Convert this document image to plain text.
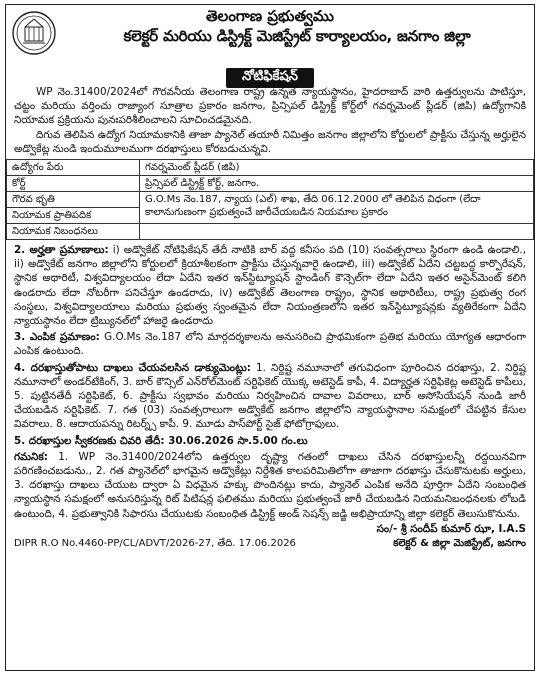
తెలంగాణ ప్రభుత్వము
కలెక్టర్ మరియు డిస్ట్రిక్ట్ మెజిస్ట్రేట్ కార్యాలయం, జనగాం జిల్లా
నోటిఫికేషన్
WP నెం.31400/2024లో గౌరవనీయ తెలంగాణ రాష్ట్ర ఉన్నత న్యాయస్థానం, హైదరాబాద్ వారి ఉత్తర్వులను పాటిస్తూ, చట్టం మరియు వర్తించు రాజ్యాంగ సూత్రాల ప్రకారం జనగాం, ప్రిన్సిపల్ డిస్ట్రిక్ట్ కోర్ట్‌లో గవర్నమెంట్ ప్లీడర్ (జిపి) ఉద్యోగానికి నియామక ప్రక్రియను పునఃపరిశీలించాలని సూచించడమైనది.
దిగువ తెలిపిన ఉద్యోగ నియామకానికి తాజా ప్యానెల్ తయారీ నిమిత్తం జనగాం జిల్లాలోని కోర్టులలో ప్రాక్టీసు చేస్తున్న అర్హులైన అడ్వొకేట్ల నుండి ఇందుమూలముగా దరఖాస్తులు కోరబడుచున్నవి.
ఉద్యోగం పేరు	గవర్నమెంట్ ప్లీడర్ (జిపి)
కోర్ట్	ప్రిన్సిపల్ డిస్ట్రిక్ట్ కోర్ట్, జనగాం.
గౌరవ భృతి	G.O.Ms నెం.187, న్యాయ (ఎల్) శాఖ, తేది 06.12.2000 లో తెలిపిన విధంగా (లేదా కాలానుగుణంగా ప్రభుత్వంచే జారీచేయబడిన నియమాల ప్రకారం
నియామక ప్రాతిపదిక	
నియామక నిబంధనలు	
2. అర్హతా ప్రమాణాలు: i) అడ్వొకేట్ నోటిఫికేషన్ తేదీ నాటికి బార్ వద్ద కనీసం పది (10) సంవత్సరాలు స్థిరంగా ఉండి ఉండాలి., ii) అడ్వొకేట్ జనగాం జిల్లాలోని కోర్టులలో క్రియాశీలకంగా ప్రాక్టీసు చేస్తున్నవారై ఉండాలి, iii) అడ్వొకేట్ ఏదేని చట్టబద్ధ కార్పొరేషన్, స్థానిక అథారిటీ, విశ్వవిద్యాలయం లేదా ఏదేని ఇతర ఇన్‌స్టిట్యూషన్ స్టాండింగ్ కౌన్సెల్‌గా లేదా ఏదేని ఇతర అసైన్‌మెంట్ కలిగి ఉండరాదు లేదా నోటరీగా పనిచేస్తూ ఉండరాదు, iv) అడ్వొకేట్ తెలంగాణ రాష్ట్రం, స్థానిక అథారిటీలు, రాష్ట్ర ప్రభుత్వ రంగ సంస్థలు, విశ్వవిద్యాలయాలు మరియు ప్రభుత్వ స్వంతమైన లేదా నియంత్రణలోని ఇతర ఇన్‌స్టిట్యూషన్లకు వ్యతిరేకంగా ఏదేని న్యాయస్థానం లేదా ట్రిబ్యునల్‌లో హాజరై ఉండరాదు
3. ఎంపిక ప్రమాణం: G.O.Ms నెం.187 లోని మార్గదర్శకాలను అనుసరించి ప్రాథమికంగా ప్రతిభ మరియు యోగ్యత ఆధారంగా ఎంపిక ఉంటుంది.
4. దరఖాస్తుతోపాటు దాఖలు చేయవలసిన డాక్యుమెంట్లు: 1. నిర్దిష్ట నమూనాలో తగువిధంగా పూరించిన దరఖాస్తు, 2. నిర్దిష్ట నమూనాలో అండర్‌టేకింగ్, 3. బార్ కౌన్సిల్ ఎన్‌రోల్‌మెంట్ సర్టిఫికెట్ యొక్క అటెస్టెడ్ కాపీ, 4. విద్యార్హత సర్టిఫికెట్ల అటెస్టెడ్ కాపీలు, 5. పుట్టినతేదీ సర్టిఫికెట్, 6. ప్రాక్టీసు స్వభావం మరియు నిర్వహించిన దావాల వివరాలు, బార్ అసోసియేషన్ నుండి జారీ చేయబడిన సర్టిఫికెట్. 7. గత (03) సంవత్సరాలుగా అడ్వొకేట్ జనగాం జిల్లాలోని న్యాయస్థానాల సమక్షంలో చేపట్టిన కేసుల వివరాలు. 8. ఆదాయపన్ను రిటర్న్స్ కాపీ. 9. మూడు పాస్‌పోర్ట్ సైజ్ ఫోటోగ్రాఫులు.
5. దరఖాస్తుల స్వీకరణకు చివరి తేదీ: 30.06.2026 సా.5.00 గం.లు
గమనిక: 1. WP నెం.31400/2024లోని ఉత్తర్వుల దృష్ట్యా గతంలో దాఖలు చేసిన దరఖాస్తులన్నీ రద్దయినవిగా పరిగణించబడును., 2. గత ప్యానెల్‌లో భాగమైన అడ్వొకేట్లు నిర్దేశిత కాలపరిమితిలోగా తాజాగా దరఖాస్తు చేసుకొనుటకు అర్హులు, 3. దరఖాస్తు దాఖలు చేయుట ద్వారా ఏ విధమైన హక్కు పొందినట్లు కాదు, ప్యానెల్ ఎంపిక అనేది పూర్తిగా ఏదేని సంబంధిత న్యాయస్థాన సమక్షంలో అనుసరిస్తున్న రిట్ పిటిషన్ల ఫలితము మరియు ప్రభుత్వంచే జారీ చేయబడిన నియమనిబంధనలకు లోబడి ఉంటుంది, 4. ప్రభుత్వానికి సిఫారసు చేయుటకు సంబంధిత డిస్ట్రిక్ట్ అండ్ సెషన్స్ జడ్జి అభిప్రాయాన్ని జిల్లా కలెక్టర్ తెలుసుకొనును.
సం/- శ్రీ సందీప్ కుమార్ ఝా, I.A.S
DIPR R.O No.4460-PP/CL/ADVT/2026-27, తేది. 17.06.2026	కలెక్టర్ & జిల్లా మెజిస్ట్రేట్, జనగాం
